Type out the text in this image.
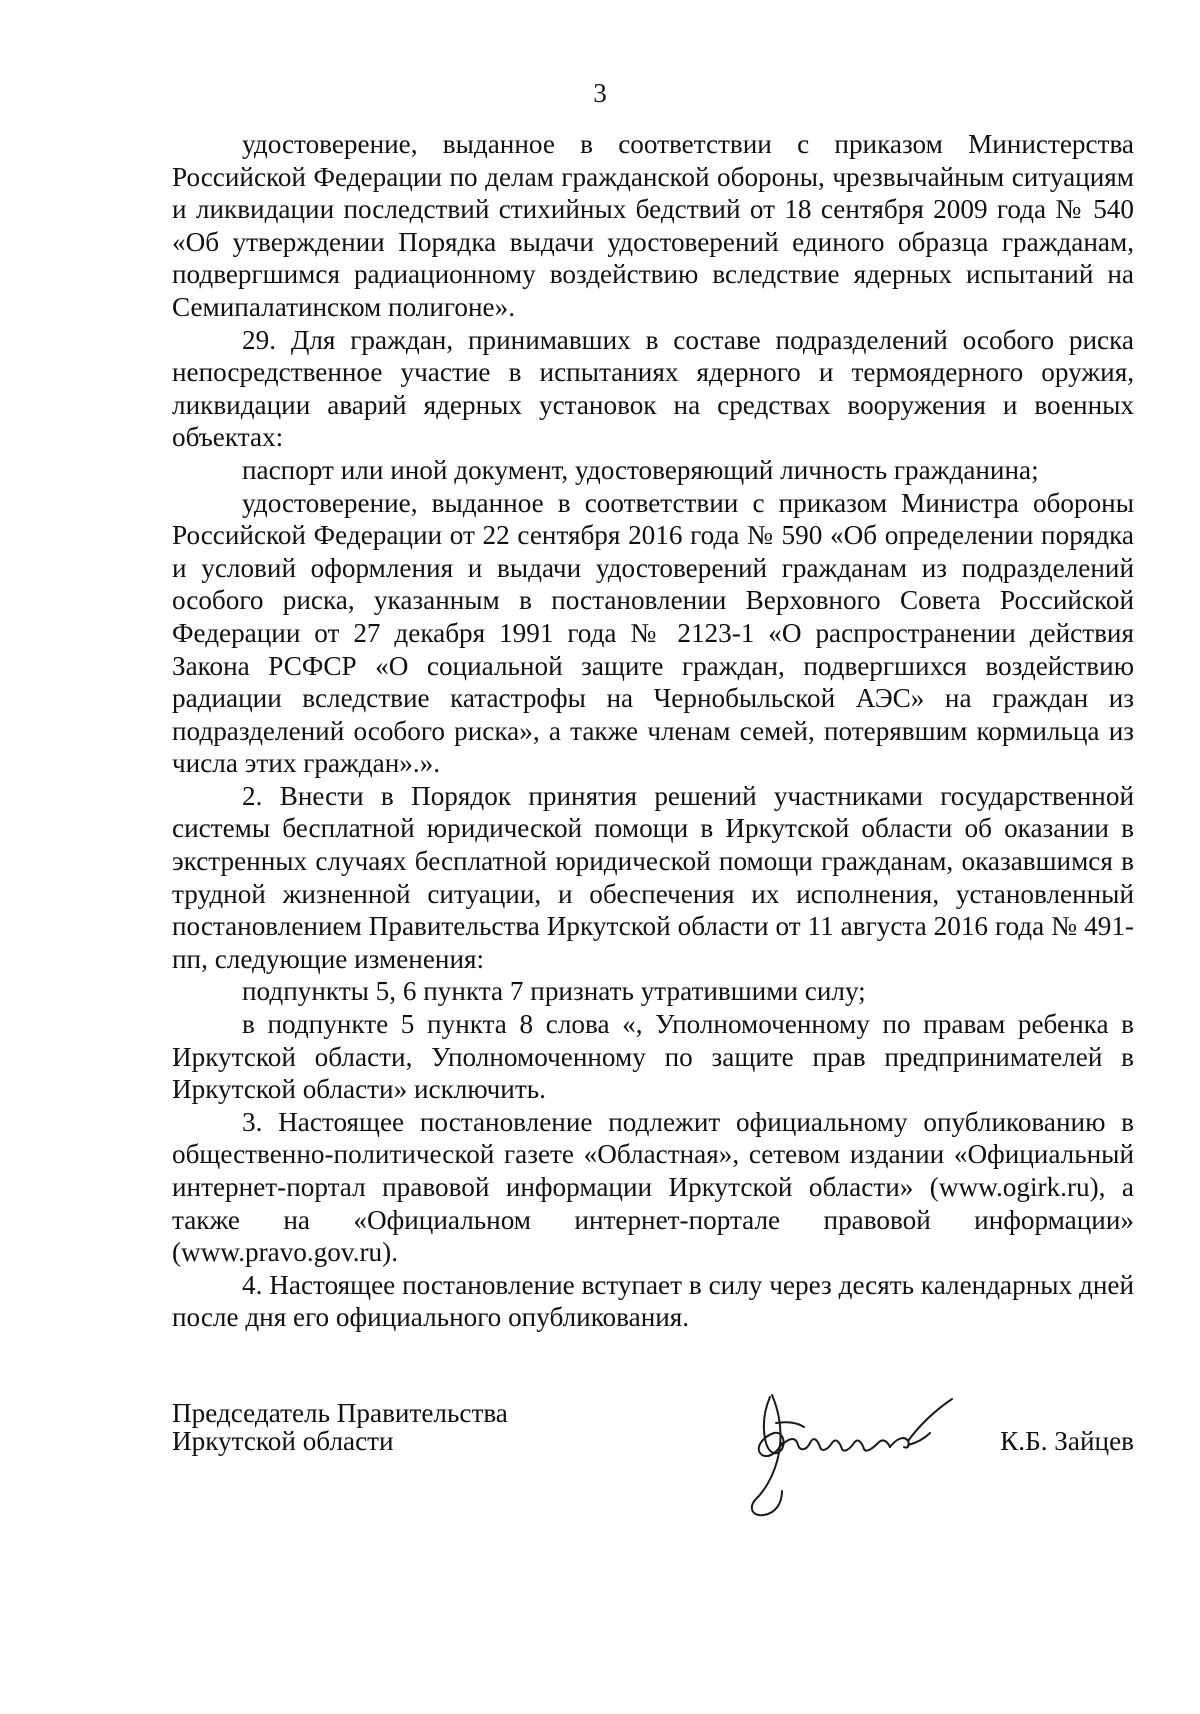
3

удостоверение, выданное в соответствии с приказом Министерства Российской Федерации по делам гражданской обороны, чрезвычайным ситуациям и ликвидации последствий стихийных бедствий от 18 сентября 2009 года № 540 «Об утверждении Порядка выдачи удостоверений единого образца гражданам, подвергшимся радиационному воздействию вследствие ядерных испытаний на Семипалатинском полигоне».

29. Для граждан, принимавших в составе подразделений особого риска непосредственное участие в испытаниях ядерного и термоядерного оружия, ликвидации аварий ядерных установок на средствах вооружения и военных объектах:

паспорт или иной документ, удостоверяющий личность гражданина;

удостоверение, выданное в соответствии с приказом Министра обороны Российской Федерации от 22 сентября 2016 года № 590 «Об определении порядка и условий оформления и выдачи удостоверений гражданам из подразделений особого риска, указанным в постановлении Верховного Совета Российской Федерации от 27 декабря 1991 года № 2123-1 «О распространении действия Закона РСФСР «О социальной защите граждан, подвергшихся воздействию радиации вследствие катастрофы на Чернобыльской АЭС» на граждан из подразделений особого риска», а также членам семей, потерявшим кормильца из числа этих граждан».».

2. Внести в Порядок принятия решений участниками государственной системы бесплатной юридической помощи в Иркутской области об оказании в экстренных случаях бесплатной юридической помощи гражданам, оказавшимся в трудной жизненной ситуации, и обеспечения их исполнения, установленный постановлением Правительства Иркутской области от 11 августа 2016 года № 491-пп, следующие изменения:

подпункты 5, 6 пункта 7 признать утратившими силу;

в подпункте 5 пункта 8 слова «, Уполномоченному по правам ребенка в Иркутской области, Уполномоченному по защите прав предпринимателей в Иркутской области» исключить.

3. Настоящее постановление подлежит официальному опубликованию в общественно-политической газете «Областная», сетевом издании «Официальный интернет-портал правовой информации Иркутской области» (www.ogirk.ru), а также на «Официальном интернет-портале правовой информации» (www.pravo.gov.ru).

4. Настоящее постановление вступает в силу через десять календарных дней после дня его официального опубликования.

Председатель Правительства
Иркутской области	К.Б. Зайцев
